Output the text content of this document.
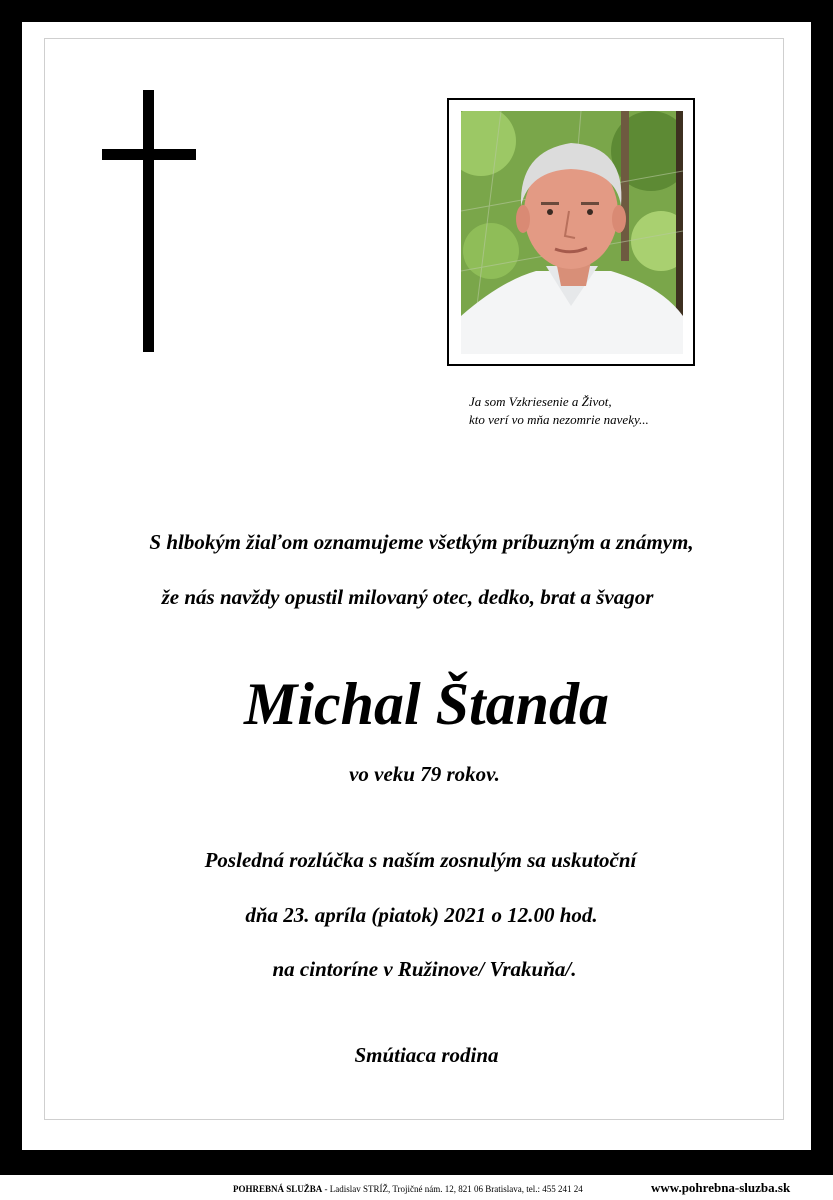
Ja som Vzkriesenie a Život,
kto verí vo mňa nezomrie naveky...
S hlbokým žiaľom oznamujeme všetkým príbuzným a známym,
že nás navždy opustil milovaný otec, dedko, brat a švagor
Michal Štanda
vo veku 79 rokov.
Posledná rozlúčka s naším zosnulým sa uskutoční
dňa 23. apríla (piatok) 2021 o 12.00 hod.
na cintoríne v Ružinove/ Vrakuňa/.
Smútiaca rodina
POHREBNÁ SLUŽBA - Ladislav STRÍŽ, Trojičné nám. 12, 821 06 Bratislava, tel.: 455 241 24	www.pohrebna-sluzba.sk
